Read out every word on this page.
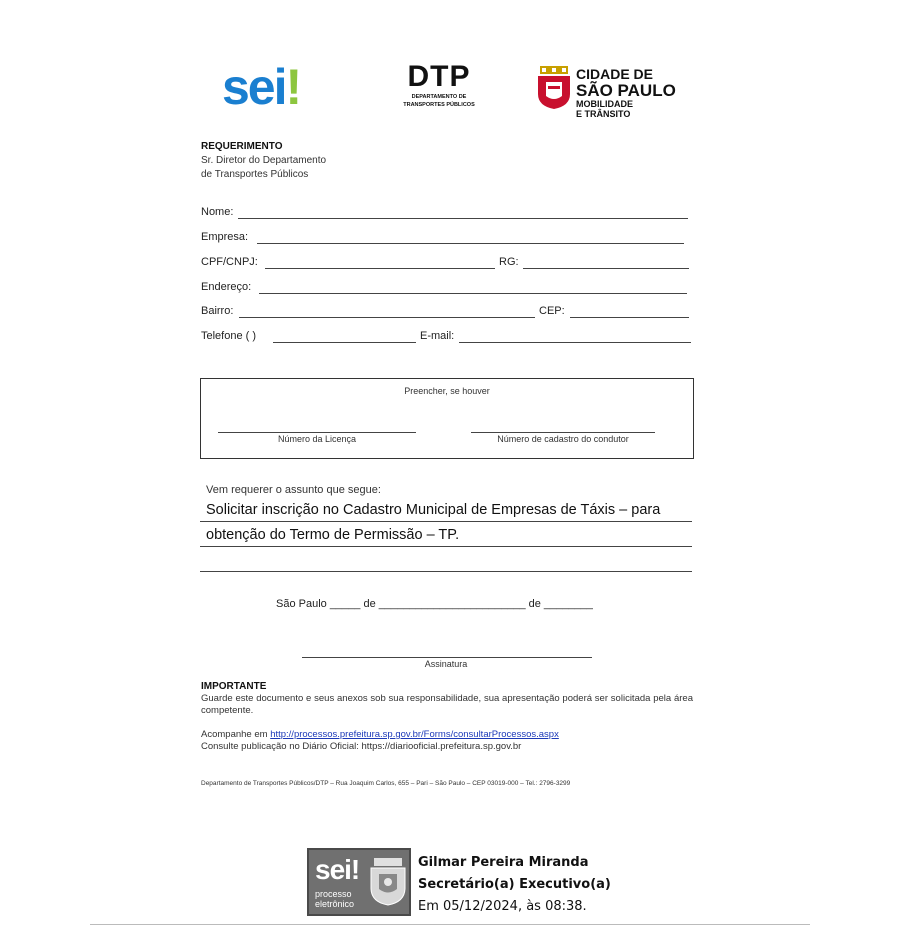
sei!	DTP
DEPARTAMENTO DE
TRANSPORTES PÚBLICOS
CIDADE DE
SÃO PAULO
MOBILIDADE
E TRÂNSITO
REQUERIMENTO
Sr. Diretor do Departamento
de Transportes Públicos
Nome:
Empresa:
CPF/CNPJ:	RG:
Endereço:
Bairro:	CEP:
Telefone ( )	E-mail:
Preencher, se houver
Número da Licença	Número de cadastro do condutor
Vem requerer o assunto que segue:
Solicitar inscrição no Cadastro Municipal de Empresas de Táxis – para
obtenção do Termo de Permissão – TP.
São Paulo _____ de ________________________ de ________
Assinatura
IMPORTANTE
Guarde este documento e seus anexos sob sua responsabilidade, sua apresentação poderá ser solicitada pela área competente.
Acompanhe em http://processos.prefeitura.sp.gov.br/Forms/consultarProcessos.aspx
Consulte publicação no Diário Oficial: https://diariooficial.prefeitura.sp.gov.br
Departamento de Transportes Públicos/DTP – Rua Joaquim Carlos, 655 – Pari – São Paulo – CEP 03019-000 – Tel.: 2796-3299
sei!
processo
eletrônico
Gilmar Pereira Miranda
Secretário(a) Executivo(a)
Em 05/12/2024, às 08:38.
